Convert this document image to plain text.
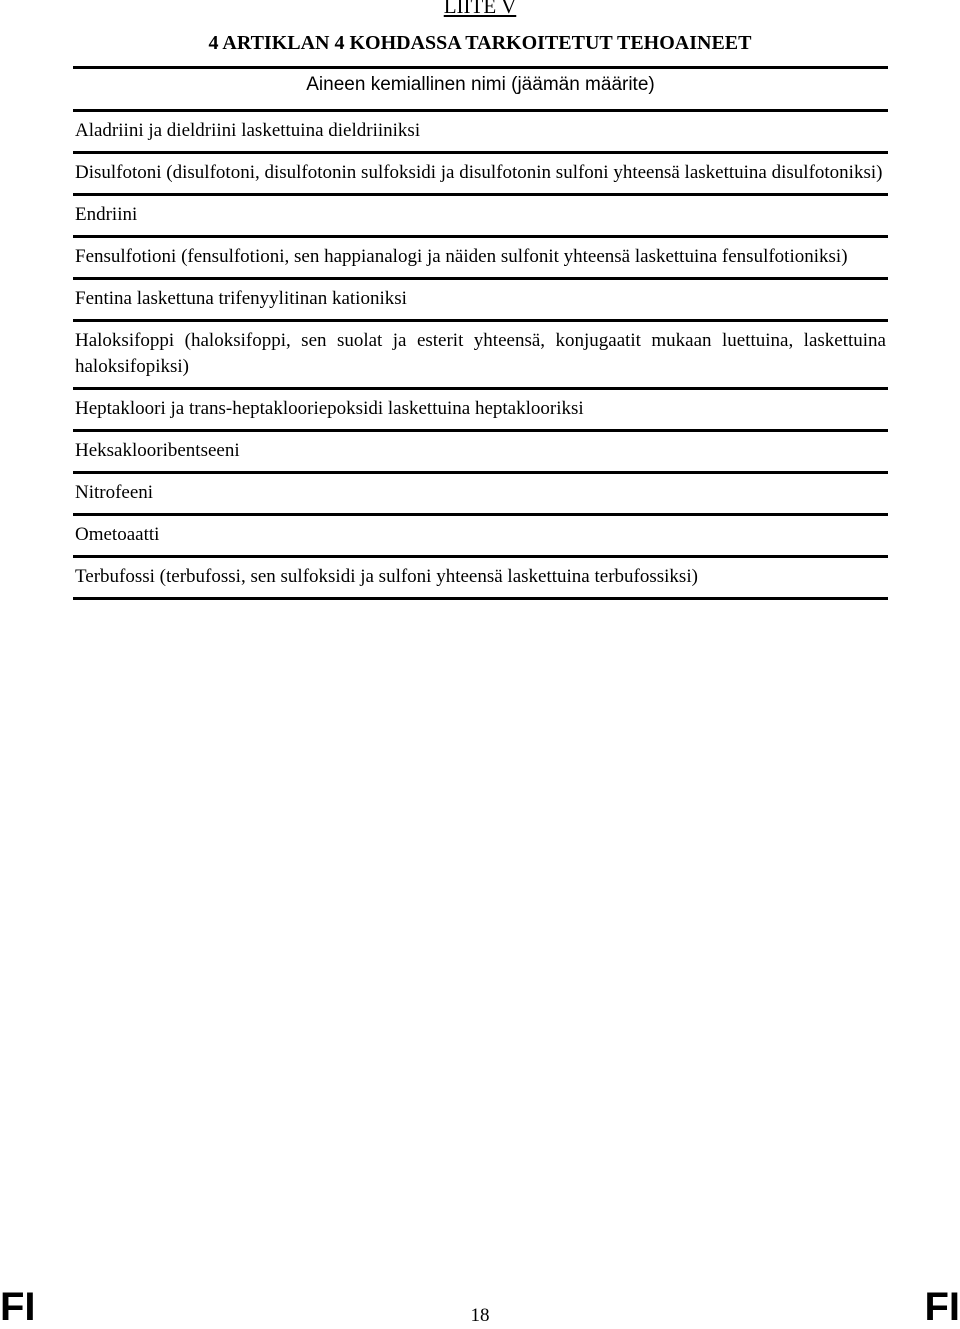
LIITE V
4 ARTIKLAN 4 KOHDASSA TARKOITETUT TEHOAINEET
Aineen kemiallinen nimi (jäämän määrite)
Aladriini ja dieldriini laskettuina dieldriiniksi
Disulfotoni (disulfotoni, disulfotonin sulfoksidi ja disulfotonin sulfoni yhteensä laskettuina disulfotoniksi)
Endriini
Fensulfotioni (fensulfotioni, sen happianalogi ja näiden sulfonit yhteensä laskettuina fensulfotioniksi)
Fentina laskettuna trifenyylitinan kationiksi
Haloksifoppi (haloksifoppi, sen suolat ja esterit yhteensä, konjugaatit mukaan luettuina, laskettuina haloksifopiksi)
Heptakloori ja trans-heptaklooriepoksidi laskettuina heptaklooriksi
Heksaklooribentseeni
Nitrofeeni
Ometoaatti
Terbufossi (terbufossi, sen sulfoksidi ja sulfoni yhteensä laskettuina terbufossiksi)
FI	18	FI
